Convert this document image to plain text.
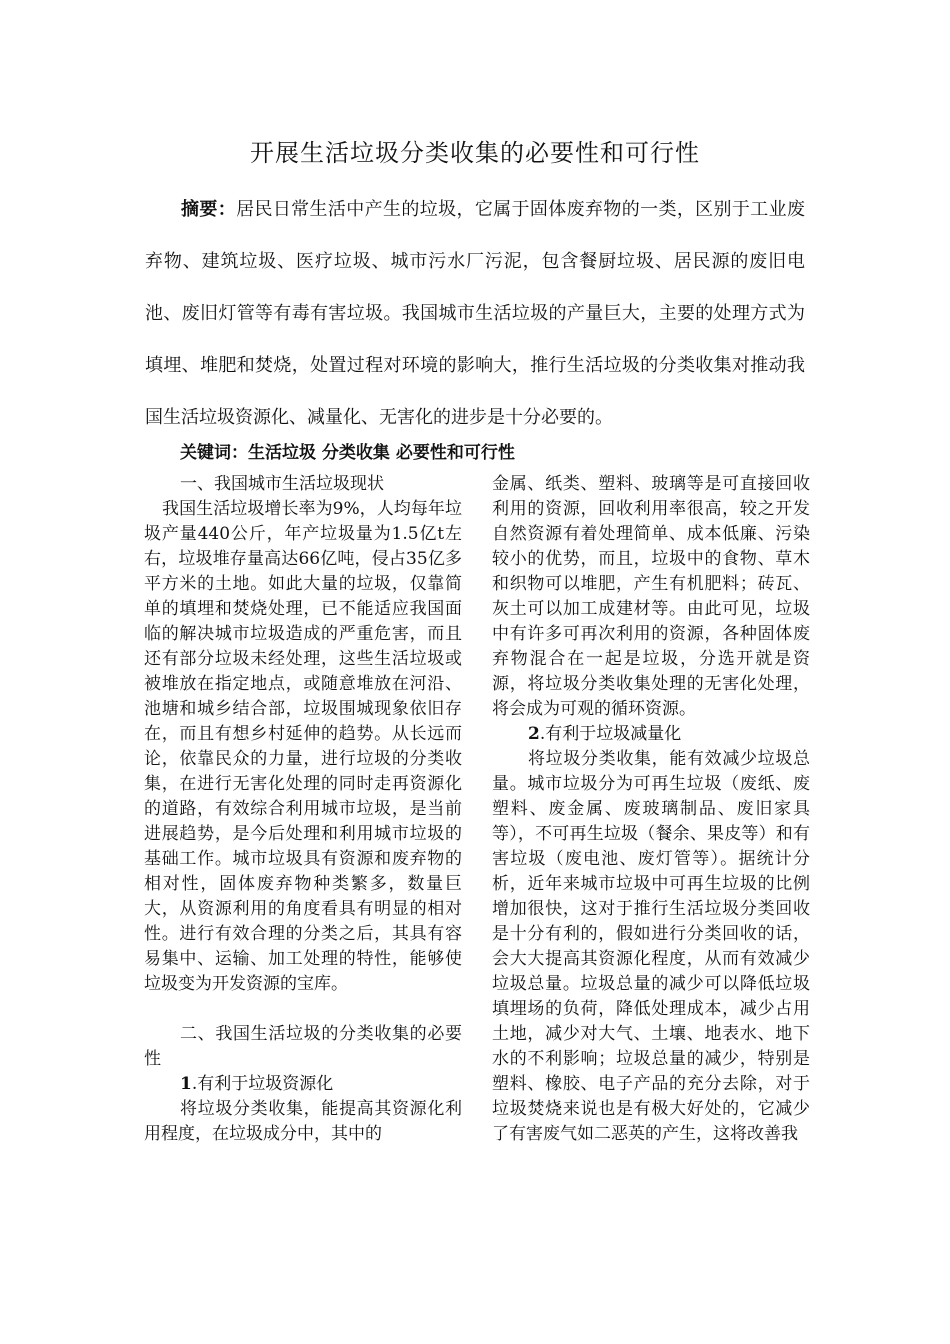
开展生活垃圾分类收集的必要性和可行性

摘要：居民日常生活中产生的垃圾，它属于固体废弃物的一类，区别于工业废弃物、建筑垃圾、医疗垃圾、城市污水厂污泥，包含餐厨垃圾、居民源的废旧电池、废旧灯管等有毒有害垃圾。我国城市生活垃圾的产量巨大，主要的处理方式为填埋、堆肥和焚烧，处置过程对环境的影响大，推行生活垃圾的分类收集对推动我国生活垃圾资源化、减量化、无害化的进步是十分必要的。

关键词：生活垃圾 分类收集 必要性和可行性

一、我国城市生活垃圾现状

我国生活垃圾增长率为9%，人均每年垃圾产量440公斤，年产垃圾量为1.5亿t左右，垃圾堆存量高达66亿吨，侵占35亿多平方米的土地。如此大量的垃圾，仅靠简单的填埋和焚烧处理，已不能适应我国面临的解决城市垃圾造成的严重危害，而且还有部分垃圾未经处理，这些生活垃圾或被堆放在指定地点，或随意堆放在河沿、池塘和城乡结合部，垃圾围城现象依旧存在，而且有想乡村延伸的趋势。从长远而论，依靠民众的力量，进行垃圾的分类收集，在进行无害化处理的同时走再资源化的道路，有效综合利用城市垃圾，是当前进展趋势，是今后处理和利用城市垃圾的基础工作。城市垃圾具有资源和废弃物的相对性，固体废弃物种类繁多，数量巨大，从资源利用的角度看具有明显的相对性。进行有效合理的分类之后，其具有容易集中、运输、加工处理的特性，能够使垃圾变为开发资源的宝库。

二、我国生活垃圾的分类收集的必要性

1.有利于垃圾资源化

将垃圾分类收集，能提高其资源化利用程度，在垃圾成分中，其中的

金属、纸类、塑料、玻璃等是可直接回收利用的资源，回收利用率很高，较之开发自然资源有着处理简单、成本低廉、污染较小的优势，而且，垃圾中的食物、草木和织物可以堆肥，产生有机肥料；砖瓦、灰土可以加工成建材等。由此可见，垃圾中有许多可再次利用的资源，各种固体废弃物混合在一起是垃圾，分选开就是资源，将垃圾分类收集处理的无害化处理，将会成为可观的循环资源。

2.有利于垃圾减量化

将垃圾分类收集，能有效减少垃圾总量。城市垃圾分为可再生垃圾（废纸、废塑料、废金属、废玻璃制品、废旧家具等），不可再生垃圾（餐余、果皮等）和有害垃圾（废电池、废灯管等）。据统计分析，近年来城市垃圾中可再生垃圾的比例增加很快，这对于推行生活垃圾分类回收是十分有利的，假如进行分类回收的话，会大大提高其资源化程度，从而有效减少垃圾总量。垃圾总量的减少可以降低垃圾填埋场的负荷，降低处理成本，减少占用土地，减少对大气、土壤、地表水、地下水的不利影响；垃圾总量的减少，特别是塑料、橡胶、电子产品的充分去除，对于垃圾焚烧来说也是有极大好处的，它减少了有害废气如二恶英的产生，这将改善我
